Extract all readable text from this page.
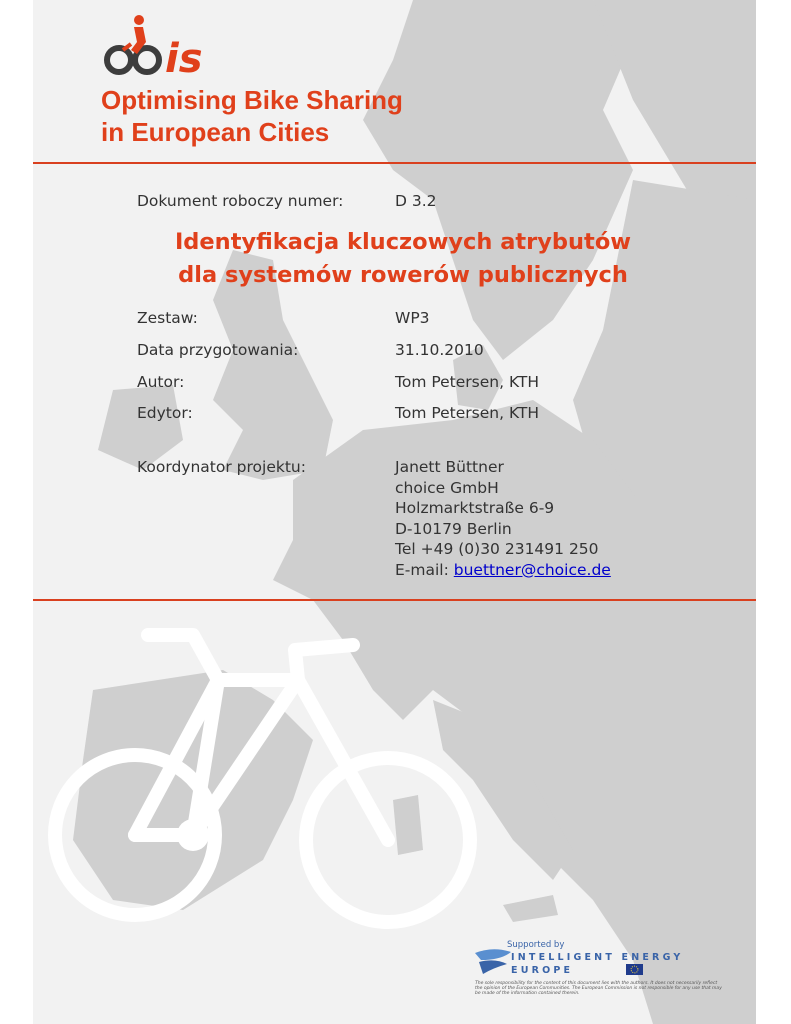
is
Optimising Bike Sharing
in European Cities
Dokument roboczy numer:	D 3.2
Identyfikacja kluczowych atrybutów
dla systemów rowerów publicznych
Zestaw:	WP3
Data przygotowania:	31.10.2010
Autor:	Tom Petersen, KTH
Edytor:	Tom Petersen, KTH
Koordynator projektu:	Janett Büttner
choice GmbH
Holzmarktstraße 6-9
D-10179 Berlin
Tel +49 (0)30 231491 250
E-mail: buettner@choice.de
Supported by
INTELLIGENT ENERGY
EUROPE
The sole responsibility for the content of this document lies with the authors. It does not necessarily reflect the opinion of the European Communities. The European Commission is not responsible for any use that may be made of the information contained therein.
